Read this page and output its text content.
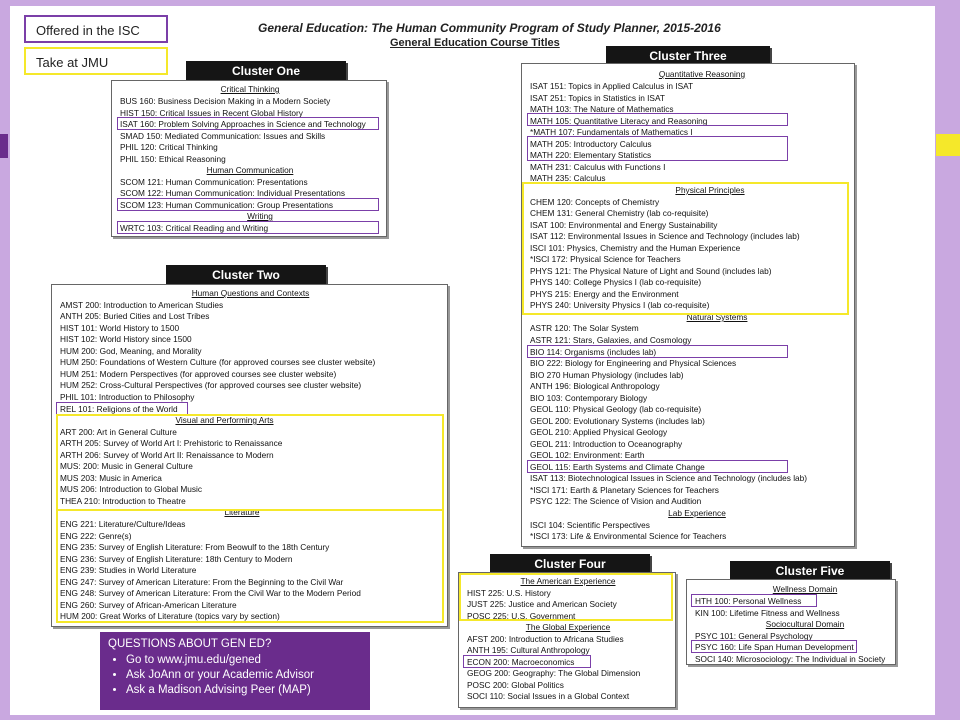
Offered in the ISC
Take at JMU
General Education: The Human Community Program of Study Planner, 2015-2016
General Education Course Titles
Cluster One
Critical Thinking
BUS 160: Business Decision Making in a Modern Society
HIST 150: Critical Issues in Recent Global History
ISAT 160: Problem Solving Approaches in Science and Technology
SMAD 150: Mediated Communication: Issues and Skills
PHIL 120: Critical Thinking
PHIL 150: Ethical Reasoning
Human Communication
SCOM 121: Human Communication: Presentations
SCOM 122: Human Communication: Individual Presentations
SCOM 123: Human Communication: Group Presentations
Writing
WRTC 103: Critical Reading and Writing
Cluster Two
Human Questions and Contexts
AMST 200: Introduction to American Studies
ANTH 205: Buried Cities and Lost Tribes
HIST 101: World History to 1500
HIST 102: World History since 1500
HUM 200: God, Meaning, and Morality
HUM 250: Foundations of Western Culture (for approved courses see cluster website)
HUM 251: Modern Perspectives (for approved courses see cluster website)
HUM 252: Cross-Cultural Perspectives (for approved courses see cluster website)
PHIL 101: Introduction to Philosophy
REL 101: Religions of the World
Visual and Performing Arts
ART 200: Art in General Culture
ARTH 205: Survey of World Art I: Prehistoric to Renaissance
ARTH 206: Survey of World Art II: Renaissance to Modern
MUS: 200: Music in General Culture
MUS 203: Music in America
MUS 206: Introduction to Global Music
THEA 210: Introduction to Theatre
Literature
ENG 221: Literature/Culture/Ideas
ENG 222: Genre(s)
ENG 235: Survey of English Literature: From Beowulf to the 18th Century
ENG 236: Survey of English Literature: 18th Century to Modern
ENG 239: Studies in World Literature
ENG 247: Survey of American Literature: From the Beginning to the Civil War
ENG 248: Survey of American Literature: From the Civil War to the Modern Period
ENG 260: Survey of African-American Literature
HUM 200: Great Works of Literature (topics vary by section)
Cluster Three
Quantitative Reasoning
ISAT 151: Topics in Applied Calculus in ISAT
ISAT 251: Topics in Statistics in ISAT
MATH 103: The Nature of Mathematics
MATH 105: Quantitative Literacy and Reasoning
*MATH 107: Fundamentals of Mathematics I
MATH 205: Introductory Calculus
MATH 220: Elementary Statistics
MATH 231: Calculus with Functions I
MATH 235: Calculus
Physical Principles
CHEM 120: Concepts of Chemistry
CHEM 131: General Chemistry (lab co-requisite)
ISAT 100: Environmental and Energy Sustainability
ISAT 112: Environmental Issues in Science and Technology (includes lab)
ISCI 101: Physics, Chemistry and the Human Experience
*ISCI 172: Physical Science for Teachers
PHYS 121: The Physical Nature of Light and Sound (includes lab)
PHYS 140: College Physics I (lab co-requisite)
PHYS 215: Energy and the Environment
PHYS 240: University Physics I (lab co-requisite)
Natural Systems
ASTR 120: The Solar System
ASTR 121: Stars, Galaxies, and Cosmology
BIO 114: Organisms (includes lab)
BIO 222: Biology for Engineering and Physical Sciences
BIO 270 Human Physiology (includes lab)
ANTH 196: Biological Anthropology
BIO 103: Contemporary Biology
GEOL 110: Physical Geology (lab co-requisite)
GEOL 200: Evolutionary Systems (includes lab)
GEOL 210: Applied Physical Geology
GEOL 211: Introduction to Oceanography
GEOL 102: Environment: Earth
GEOL 115: Earth Systems and Climate Change
ISAT 113: Biotechnological Issues in Science and Technology (includes lab)
*ISCI 171: Earth & Planetary Sciences for Teachers
PSYC 122: The Science of Vision and Audition
Lab Experience
ISCI 104: Scientific Perspectives
*ISCI 173: Life & Environmental Science for Teachers
Cluster Four
The American Experience
HIST 225: U.S. History
JUST 225: Justice and American Society
POSC 225: U.S. Government
The Global Experience
AFST 200: Introduction to Africana Studies
ANTH 195: Cultural Anthropology
ECON 200: Macroeconomics
GEOG 200: Geography: The Global Dimension
POSC 200: Global Politics
SOCI 110: Social Issues in a Global Context
Cluster Five
Wellness Domain
HTH 100: Personal Wellness
KIN 100: Lifetime Fitness and Wellness
Sociocultural Domain
PSYC 101: General Psychology
PSYC 160: Life Span Human Development
SOCI 140: Microsociology: The Individual in Society
QUESTIONS ABOUT GEN ED?
• Go to www.jmu.edu/gened
• Ask JoAnn or your Academic Advisor
• Ask a Madison Advising Peer (MAP)
